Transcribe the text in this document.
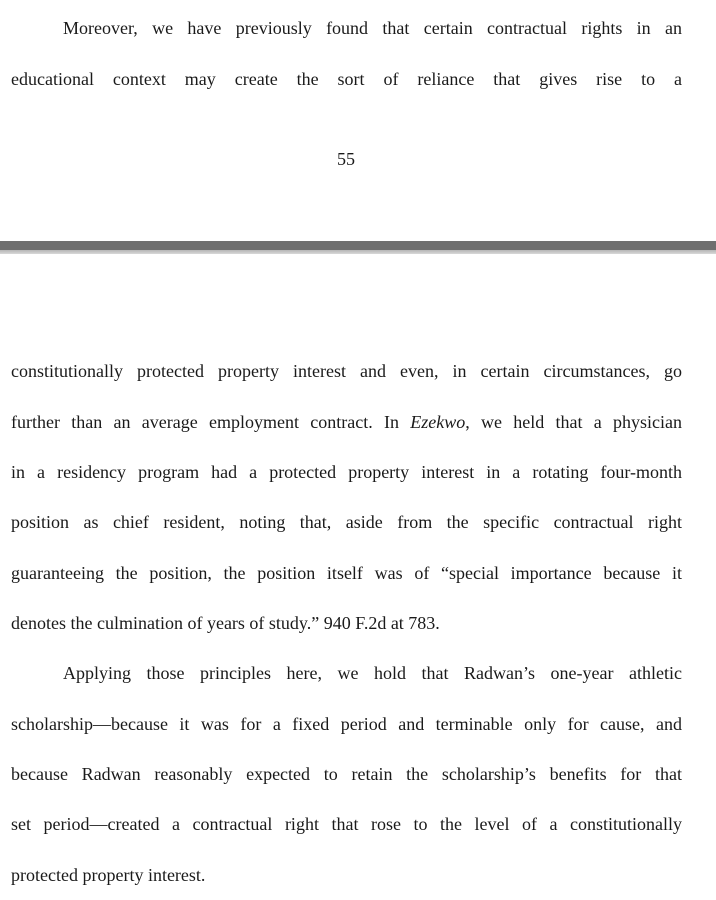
Moreover, we have previously found that certain contractual rights in an
educational context may create the sort of reliance that gives rise to a
55
constitutionally protected property interest and even, in certain circumstances, go
further than an average employment contract. In Ezekwo, we held that a physician
in a residency program had a protected property interest in a rotating four-month
position as chief resident, noting that, aside from the specific contractual right
guaranteeing the position, the position itself was of “special importance because it
denotes the culmination of years of study.” 940 F.2d at 783.
Applying those principles here, we hold that Radwan’s one-year athletic
scholarship—because it was for a fixed period and terminable only for cause, and
because Radwan reasonably expected to retain the scholarship’s benefits for that
set period—created a contractual right that rose to the level of a constitutionally
protected property interest.
